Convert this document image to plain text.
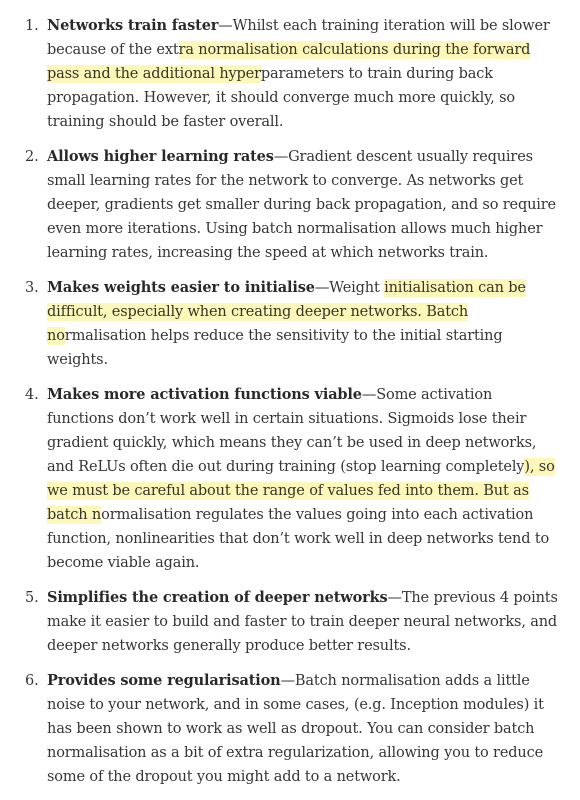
1. Networks train faster—Whilst each training iteration will be slower because of the extra normalisation calculations during the forward pass and the additional hyperparameters to train during back propagation. However, it should converge much more quickly, so training should be faster overall.
2. Allows higher learning rates—Gradient descent usually requires small learning rates for the network to converge. As networks get deeper, gradients get smaller during back propagation, and so require even more iterations. Using batch normalisation allows much higher learning rates, increasing the speed at which networks train.
3. Makes weights easier to initialise—Weight initialisation can be difficult, especially when creating deeper networks. Batch normalisation helps reduce the sensitivity to the initial starting weights.
4. Makes more activation functions viable—Some activation functions don’t work well in certain situations. Sigmoids lose their gradient quickly, which means they can’t be used in deep networks, and ReLUs often die out during training (stop learning completely), so we must be careful about the range of values fed into them. But as batch normalisation regulates the values going into each activation function, nonlinearities that don’t work well in deep networks tend to become viable again.
5. Simplifies the creation of deeper networks—The previous 4 points make it easier to build and faster to train deeper neural networks, and deeper networks generally produce better results.
6. Provides some regularisation—Batch normalisation adds a little noise to your network, and in some cases, (e.g. Inception modules) it has been shown to work as well as dropout. You can consider batch normalisation as a bit of extra regularization, allowing you to reduce some of the dropout you might add to a network.
